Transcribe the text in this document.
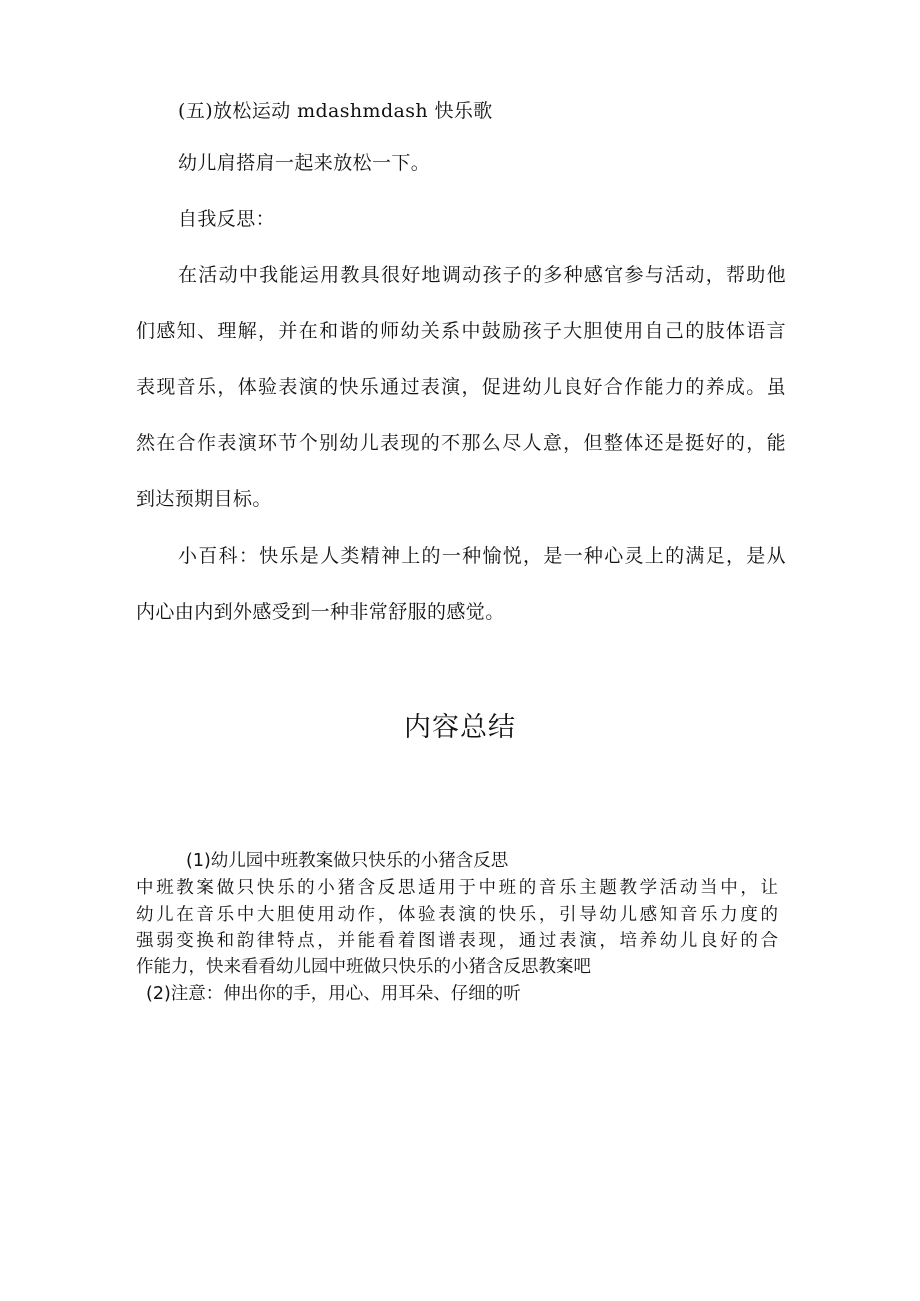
(五)放松运动 mdashmdash 快乐歌
幼儿肩搭肩一起来放松一下。
自我反思：
在活动中我能运用教具很好地调动孩子的多种感官参与活动，帮助他
们感知、理解，并在和谐的师幼关系中鼓励孩子大胆使用自己的肢体语言
表现音乐，体验表演的快乐通过表演，促进幼儿良好合作能力的养成。虽
然在合作表演环节个别幼儿表现的不那么尽人意，但整体还是挺好的，能
到达预期目标。
小百科：快乐是人类精神上的一种愉悦，是一种心灵上的满足，是从
内心由内到外感受到一种非常舒服的感觉。
内容总结
(1)幼儿园中班教案做只快乐的小猪含反思
中班教案做只快乐的小猪含反思适用于中班的音乐主题教学活动当中，让
幼儿在音乐中大胆使用动作，体验表演的快乐，引导幼儿感知音乐力度的
强弱变换和韵律特点，并能看着图谱表现，通过表演，培养幼儿良好的合
作能力，快来看看幼儿园中班做只快乐的小猪含反思教案吧
(2)注意：伸出你的手，用心、用耳朵、仔细的听
